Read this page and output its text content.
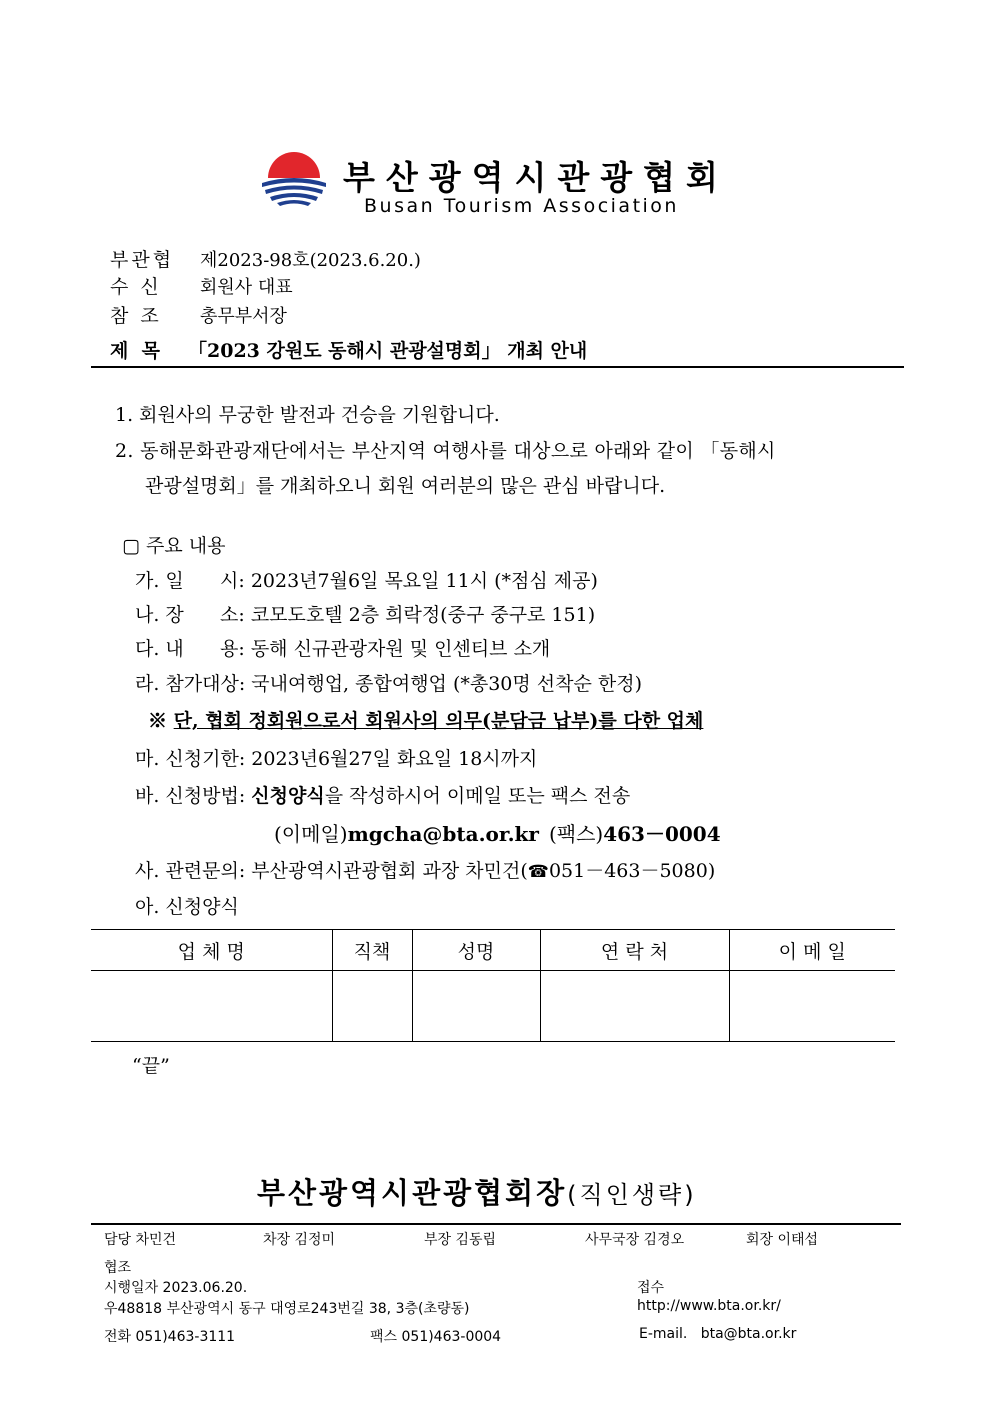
부산광역시관광협회
Busan Tourism Association
부관협 제2023-98호(2023.6.20.)
수  신 회원사 대표
참  조 총무부서장
제  목 「2023 강원도 동해시 관광설명회」 개최 안내
1. 회원사의 무궁한 발전과 건승을 기원합니다.
2. 동해문화관광재단에서는 부산지역 여행사를 대상으로 아래와 같이 「동해시
관광설명회」를 개최하오니 회원 여러분의 많은 관심 바랍니다.
▢ 주요 내용
가. 일      시: 2023년7월6일 목요일 11시 (*점심 제공)
나. 장      소: 코모도호텔 2층 희락정(중구 중구로 151)
다. 내      용: 동해 신규관광자원 및 인센티브 소개
라. 참가대상: 국내여행업, 종합여행업 (*총30명 선착순 한정)
※ 단, 협회 정회원으로서 회원사의 의무(분담금 납부)를 다한 업체
마. 신청기한: 2023년6월27일 화요일 18시까지
바. 신청방법: 신청양식을 작성하시어 이메일 또는 팩스 전송
(이메일)mgcha@bta.or.kr (팩스)463－0004
사. 관련문의: 부산광역시관광협회 과장 차민건(☎051－463－5080)
아. 신청양식
업 체 명	직책	성명	연 락 처	이 메 일

“끝”
부산광역시관광협회장(직인생략)
담당 차민건	차장 김정미	부장 김동립	사무국장 김경오	회장 이태섭
협조
시행일자 2023.06.20.	접수
우48818 부산광역시 동구 대영로243번길 38, 3층(초량동)	http://www.bta.or.kr/
전화 051)463-3111	팩스 051)463-0004	E-mail.   bta@bta.or.kr
